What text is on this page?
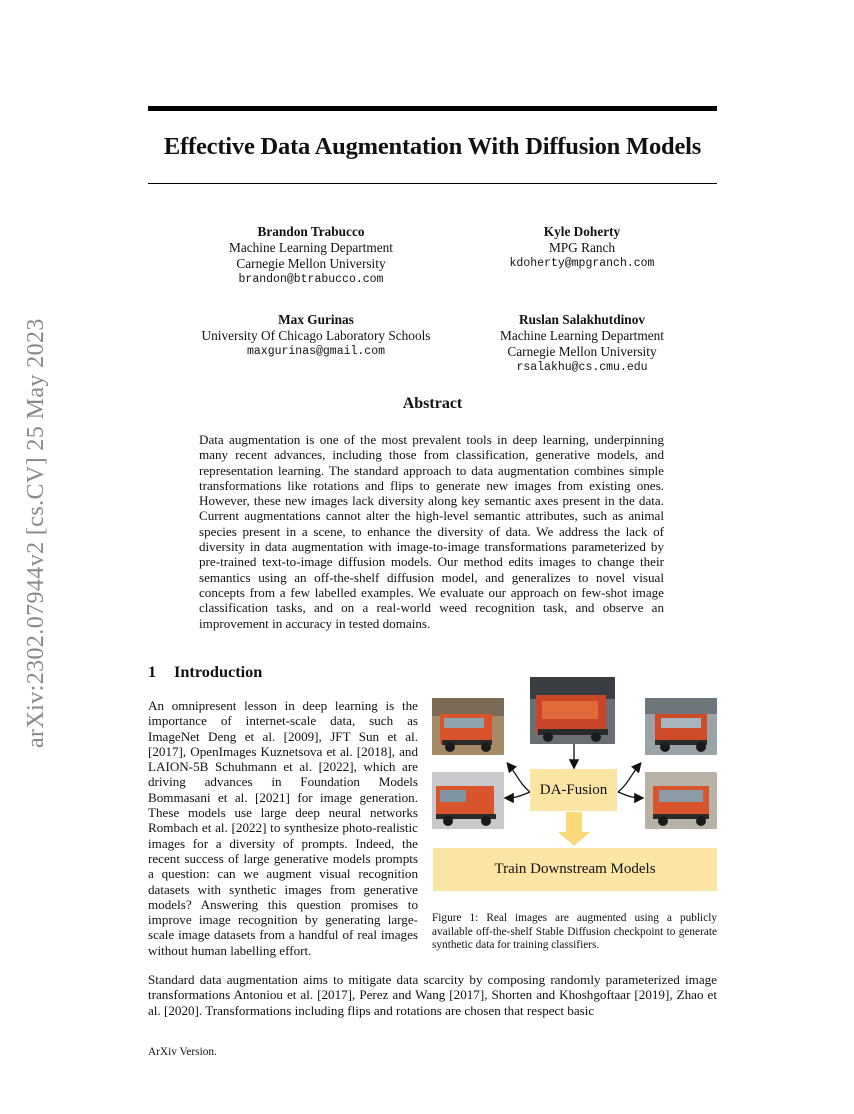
arXiv:2302.07944v2 [cs.CV] 25 May 2023
Effective Data Augmentation With Diffusion Models
Brandon Trabucco
Machine Learning Department
Carnegie Mellon University
brandon@btrabucco.com
Kyle Doherty
MPG Ranch
kdoherty@mpgranch.com
Max Gurinas
University Of Chicago Laboratory Schools
maxgurinas@gmail.com
Ruslan Salakhutdinov
Machine Learning Department
Carnegie Mellon University
rsalakhu@cs.cmu.edu
Abstract
Data augmentation is one of the most prevalent tools in deep learning, underpinning many recent advances, including those from classification, generative models, and representation learning. The standard approach to data augmentation combines simple transformations like rotations and flips to generate new images from existing ones. However, these new images lack diversity along key semantic axes present in the data. Current augmentations cannot alter the high-level semantic attributes, such as animal species present in a scene, to enhance the diversity of data. We address the lack of diversity in data augmentation with image-to-image transformations parameterized by pre-trained text-to-image diffusion models. Our method edits images to change their semantics using an off-the-shelf diffusion model, and generalizes to novel visual concepts from a few labelled examples. We evaluate our approach on few-shot image classification tasks, and on a real-world weed recognition task, and observe an improvement in accuracy in tested domains.
1 Introduction
An omnipresent lesson in deep learning is the importance of internet-scale data, such as ImageNet Deng et al. [2009], JFT Sun et al. [2017], OpenImages Kuznetsova et al. [2018], and LAION-5B Schuhmann et al. [2022], which are driving advances in Foundation Models Bommasani et al. [2021] for image generation. These models use large deep neural networks Rombach et al. [2022] to synthesize photo-realistic images for a diversity of prompts. Indeed, the recent success of large generative models prompts a question: can we augment visual recognition datasets with synthetic images from generative models? Answering this question promises to improve image recognition by generating large-scale image datasets from a handful of real images without human labelling effort.
DA-Fusion
Train Downstream Models
Figure 1: Real images are augmented using a publicly available off-the-shelf Stable Diffusion checkpoint to generate synthetic data for training classifiers.
Standard data augmentation aims to mitigate data scarcity by composing randomly parameterized image transformations Antoniou et al. [2017], Perez and Wang [2017], Shorten and Khoshgoftaar [2019], Zhao et al. [2020]. Transformations including flips and rotations are chosen that respect basic
ArXiv Version.
